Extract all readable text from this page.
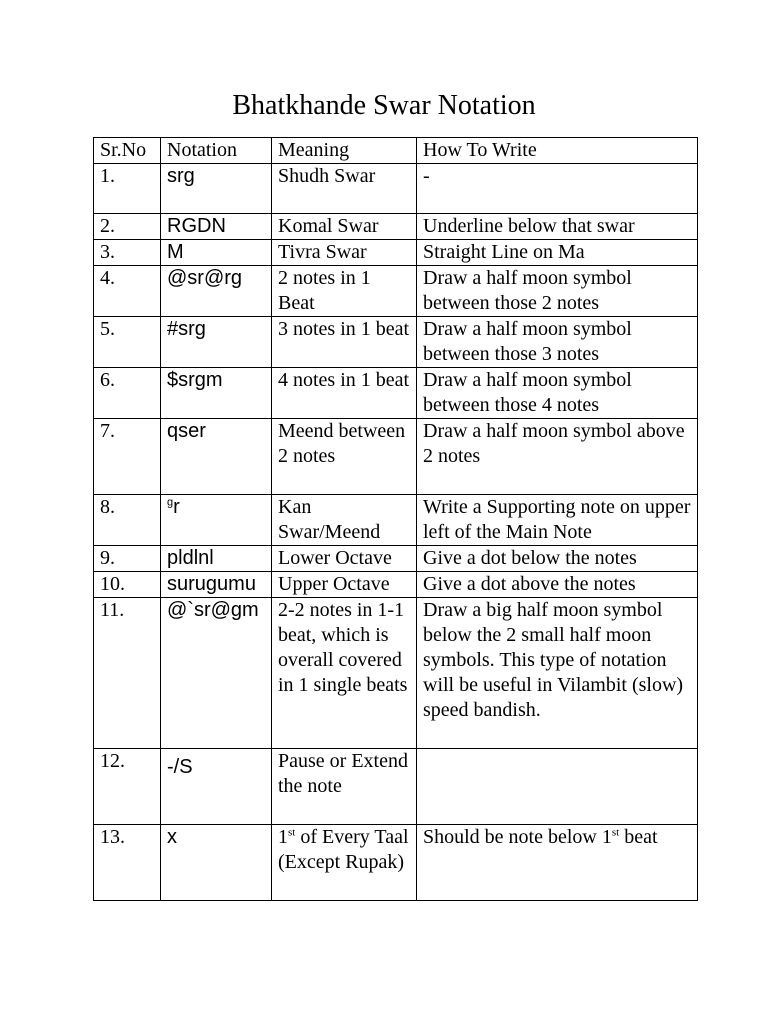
Bhatkhande Swar Notation
Sr.No	Notation	Meaning	How To Write
1.	srg	Shudh Swar	-
2.	RGDN	Komal Swar	Underline below that swar
3.	M	Tivra Swar	Straight Line on Ma
4.	@sr@rg	2 notes in 1 Beat	Draw a half moon symbol between those 2 notes
5.	#srg	3 notes in 1 beat	Draw a half moon symbol between those 3 notes
6.	$srgm	4 notes in 1 beat	Draw a half moon symbol between those 4 notes
7.	qser	Meend between 2 notes	Draw a half moon symbol above 2 notes
8.	$^g$r	Kan Swar/Meend	Write a Supporting note on upper left of the Main Note
9.	pldlnl	Lower Octave	Give a dot below the notes
10.	surugumu	Upper Octave	Give a dot above the notes
11.	@`sr@gm	2-2 notes in 1-1 beat, which is overall covered in 1 single beats	Draw a big half moon symbol below the 2 small half moon symbols. This type of notation will be useful in Vilambit (slow) speed bandish.
12.	-/S	Pause or Extend the note	
13.	x	1st of Every Taal (Except Rupak)	Should be note below 1st beat
